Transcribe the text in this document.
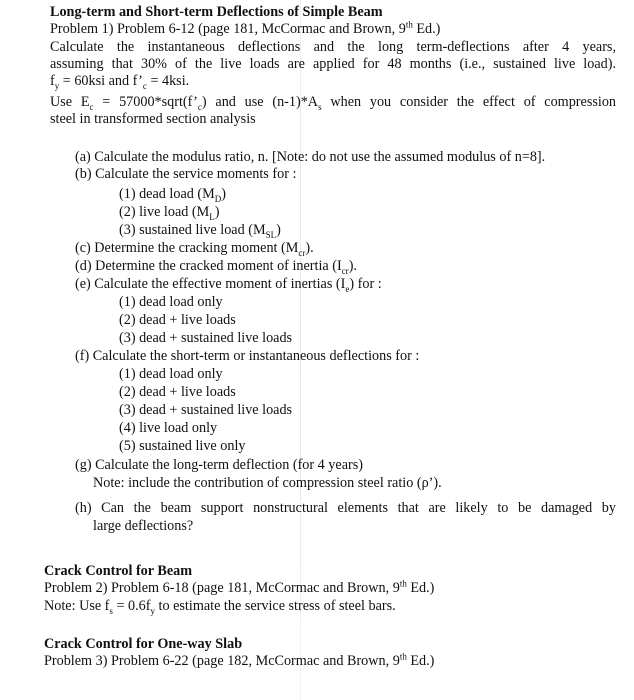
Long-term and Short-term Deflections of Simple Beam
Problem 1) Problem 6-12 (page 181, McCormac and Brown, 9th Ed.)
Calculate the instantaneous deflections and the long term-deflections after 4 years,
assuming that 30% of the live loads are applied for 48 months (i.e., sustained live load).
$f_y = 60ksi$ and $f’_c = 4ksi$.
Use $E_c$ = $57000*sqrt(f’_c)$ and use $(n-1)*A_s$ when you consider the effect of compression
steel in transformed section analysis
(a) Calculate the modulus ratio, n. [Note: do not use the assumed modulus of n=8].
(b) Calculate the service moments for :
(1) dead load $(M_D)$
(2) live load $(M_L)$
(3) sustained live load $(M_{SL})$
(c) Determine the cracking moment $(M_{cr})$.
(d) Determine the cracked moment of inertia $(I_{cr})$.
(e) Calculate the effective moment of inertias $(I_e)$ for :
(1) dead load only
(2) dead + live loads
(3) dead + sustained live loads
(f) Calculate the short-term or instantaneous deflections for :
(1) dead load only
(2) dead + live loads
(3) dead + sustained live loads
(4) live load only
(5) sustained live only
(g) Calculate the long-term deflection (for 4 years)
Note: include the contribution of compression steel ratio (ρ’).
(h) Can the beam support nonstructural elements that are likely to be damaged by
large deflections?
Crack Control for Beam
Problem 2) Problem 6-18 (page 181, McCormac and Brown, 9th Ed.)
Note: Use $f_s = 0.6f_y$ to estimate the service stress of steel bars.
Crack Control for One-way Slab
Problem 3) Problem 6-22 (page 182, McCormac and Brown, 9th Ed.)
